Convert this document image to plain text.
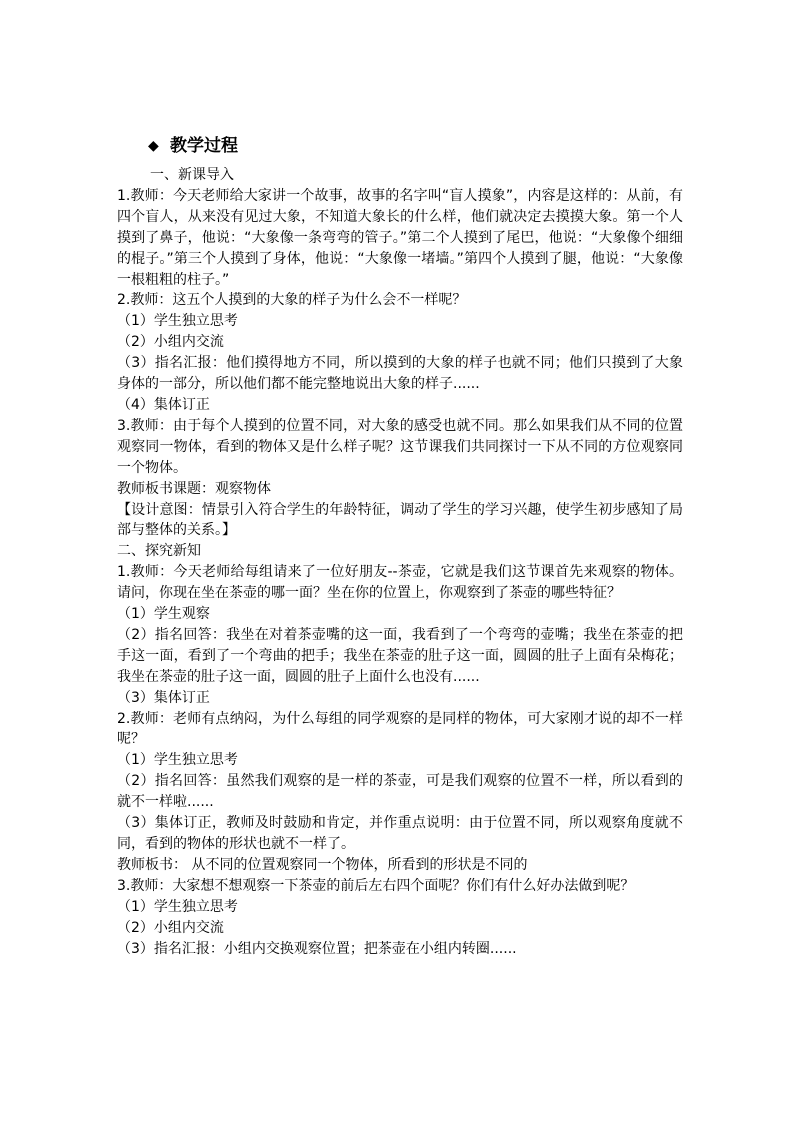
◆ 教学过程

一、新课导入

1.教师：今天老师给大家讲一个故事，故事的名字叫“盲人摸象”，内容是这样的：从前，有四个盲人，从来没有见过大象，不知道大象长的什么样，他们就决定去摸摸大象。第一个人摸到了鼻子，他说：“大象像一条弯弯的管子。”第二个人摸到了尾巴，他说：“大象像个细细的棍子。”第三个人摸到了身体，他说：“大象像一堵墙。”第四个人摸到了腿，他说：“大象像一根粗粗的柱子。”

2.教师：这五个人摸到的大象的样子为什么会不一样呢？

（1）学生独立思考

（2）小组内交流

（3）指名汇报：他们摸得地方不同，所以摸到的大象的样子也就不同；他们只摸到了大象身体的一部分，所以他们都不能完整地说出大象的样子......

（4）集体订正

3.教师：由于每个人摸到的位置不同，对大象的感受也就不同。那么如果我们从不同的位置观察同一物体，看到的物体又是什么样子呢？这节课我们共同探讨一下从不同的方位观察同一个物体。

教师板书课题：观察物体

【设计意图：情景引入符合学生的年龄特征，调动了学生的学习兴趣，使学生初步感知了局部与整体的关系。】

二、探究新知

1.教师：今天老师给每组请来了一位好朋友--茶壶，它就是我们这节课首先来观察的物体。请问，你现在坐在茶壶的哪一面？坐在你的位置上，你观察到了茶壶的哪些特征？

（1）学生观察

（2）指名回答：我坐在对着茶壶嘴的这一面，我看到了一个弯弯的壶嘴；我坐在茶壶的把手这一面，看到了一个弯曲的把手；我坐在茶壶的肚子这一面，圆圆的肚子上面有朵梅花；我坐在茶壶的肚子这一面，圆圆的肚子上面什么也没有......

（3）集体订正

2.教师：老师有点纳闷，为什么每组的同学观察的是同样的物体，可大家刚才说的却不一样呢？

（1）学生独立思考

（2）指名回答：虽然我们观察的是一样的茶壶，可是我们观察的位置不一样，所以看到的就不一样啦......

（3）集体订正，教师及时鼓励和肯定，并作重点说明：由于位置不同，所以观察角度就不同，看到的物体的形状也就不一样了。

教师板书： 从不同的位置观察同一个物体，所看到的形状是不同的

3.教师：大家想不想观察一下茶壶的前后左右四个面呢？你们有什么好办法做到呢？

（1）学生独立思考

（2）小组内交流

（3）指名汇报：小组内交换观察位置；把茶壶在小组内转圈......
